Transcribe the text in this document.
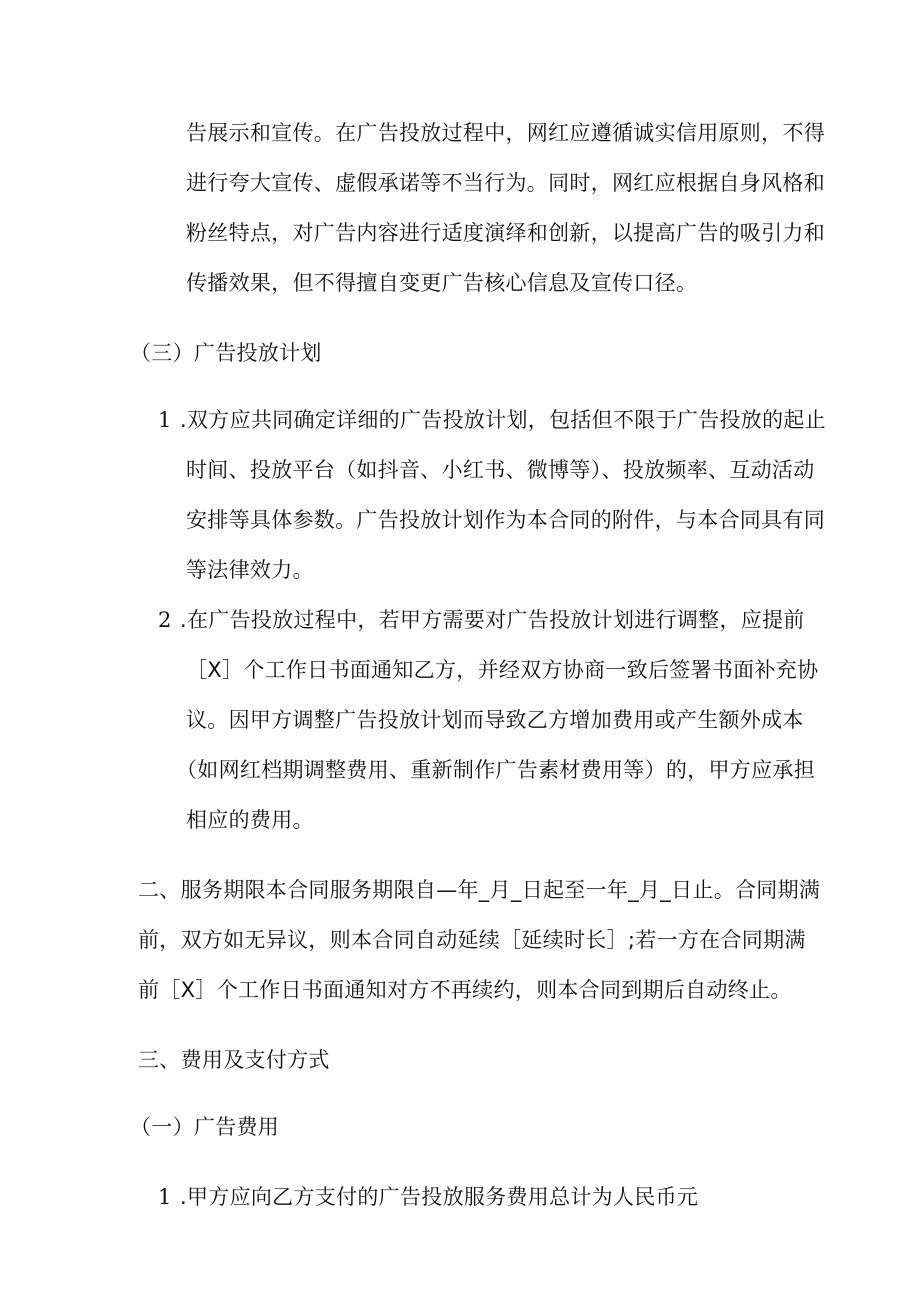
告展示和宣传。在广告投放过程中，网红应遵循诚实信用原则，不得
进行夸大宣传、虚假承诺等不当行为。同时，网红应根据自身风格和
粉丝特点，对广告内容进行适度演绎和创新，以提高广告的吸引力和
传播效果，但不得擅自变更广告核心信息及宣传口径。
（三）广告投放计划
1 .双方应共同确定详细的广告投放计划，包括但不限于广告投放的起止
时间、投放平台（如抖音、小红书、微博等）、投放频率、互动活动
安排等具体参数。广告投放计划作为本合同的附件，与本合同具有同
等法律效力。
2 .在广告投放过程中，若甲方需要对广告投放计划进行调整，应提前
［X］个工作日书面通知乙方，并经双方协商一致后签署书面补充协
议。因甲方调整广告投放计划而导致乙方增加费用或产生额外成本
（如网红档期调整费用、重新制作广告素材费用等）的，甲方应承担
相应的费用。
二、服务期限本合同服务期限自—年_月_日起至一年_月_日止。合同期满
前，双方如无异议，则本合同自动延续［延续时长］;若一方在合同期满
前［X］个工作日书面通知对方不再续约，则本合同到期后自动终止。
三、费用及支付方式
（一）广告费用
1 .甲方应向乙方支付的广告投放服务费用总计为人民币元
